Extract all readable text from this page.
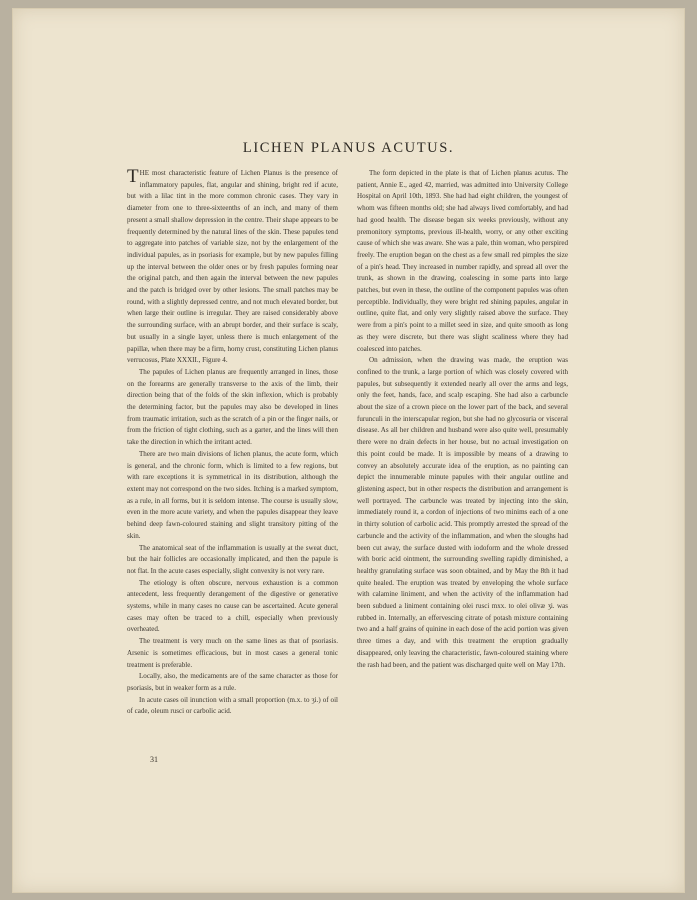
LICHEN PLANUS ACUTUS.

THE most characteristic feature of Lichen Planus is the presence of inflammatory papules, flat, angular and shining, bright red if acute, but with a lilac tint in the more common chronic cases. They vary in diameter from one to three-sixteenths of an inch, and many of them present a small shallow depression in the centre. Their shape appears to be frequently determined by the natural lines of the skin. These papules tend to aggregate into patches of variable size, not by the enlargement of the individual papules, as in psoriasis for example, but by new papules filling up the interval between the older ones or by fresh papules forming near the original patch, and then again the interval between the new papules and the patch is bridged over by other lesions. The small patches may be round, with a slightly depressed centre, and not much elevated border, but when large their outline is irregular. They are raised considerably above the surrounding surface, with an abrupt border, and their surface is scaly, but usually in a single layer, unless there is much enlargement of the papillæ, when there may be a firm, horny crust, constituting Lichen planus verrucosus, Plate XXXII., Figure 4.

The papules of Lichen planus are frequently arranged in lines, those on the forearms are generally transverse to the axis of the limb, their direction being that of the folds of the skin inflexion, which is probably the determining factor, but the papules may also be developed in lines from traumatic irritation, such as the scratch of a pin or the finger nails, or from the friction of tight clothing, such as a garter, and the lines will then take the direction in which the irritant acted.

There are two main divisions of lichen planus, the acute form, which is general, and the chronic form, which is limited to a few regions, but with rare exceptions it is symmetrical in its distribution, although the extent may not correspond on the two sides. Itching is a marked symptom, as a rule, in all forms, but it is seldom intense. The course is usually slow, even in the more acute variety, and when the papules disappear they leave behind deep fawn-coloured staining and slight transitory pitting of the skin.

The anatomical seat of the inflammation is usually at the sweat duct, but the hair follicles are occasionally implicated, and then the papule is not flat. In the acute cases especially, slight convexity is not very rare.

The etiology is often obscure, nervous exhaustion is a common antecedent, less frequently derangement of the digestive or generative systems, while in many cases no cause can be ascertained. Acute general cases may often be traced to a chill, especially when previously overheated.

The treatment is very much on the same lines as that of psoriasis. Arsenic is sometimes efficacious, but in most cases a general tonic treatment is preferable.

Locally, also, the medicaments are of the same character as those for psoriasis, but in weaker form as a rule.

In acute cases oil inunction with a small proportion (m.x. to ʒi.) of oil of cade, oleum rusci or carbolic acid.

31

The form depicted in the plate is that of Lichen planus acutus. The patient, Annie E., aged 42, married, was admitted into University College Hospital on April 10th, 1893. She had had eight children, the youngest of whom was fifteen months old; she had always lived comfortably, and had had good health. The disease began six weeks previously, without any premonitory symptoms, previous ill-health, worry, or any other exciting cause of which she was aware. She was a pale, thin woman, who perspired freely. The eruption began on the chest as a few small red pimples the size of a pin's head. They increased in number rapidly, and spread all over the trunk, as shown in the drawing, coalescing in some parts into large patches, but even in these, the outline of the component papules was often perceptible. Individually, they were bright red shining papules, angular in outline, quite flat, and only very slightly raised above the surface. They were from a pin's point to a millet seed in size, and quite smooth as long as they were discrete, but there was slight scaliness where they had coalesced into patches.

On admission, when the drawing was made, the eruption was confined to the trunk, a large portion of which was closely covered with papules, but subsequently it extended nearly all over the arms and legs, only the feet, hands, face, and scalp escaping. She had also a carbuncle about the size of a crown piece on the lower part of the back, and several furunculi in the interscapular region, but she had no glycosuria or visceral disease. As all her children and husband were also quite well, presumably there were no drain defects in her house, but no actual investigation on this point could be made. It is impossible by means of a drawing to convey an absolutely accurate idea of the eruption, as no painting can depict the innumerable minute papules with their angular outline and glistening aspect, but in other respects the distribution and arrangement is well portrayed. The carbuncle was treated by injecting into the skin, immediately round it, a cordon of injections of two minims each of a one in thirty solution of carbolic acid. This promptly arrested the spread of the carbuncle and the activity of the inflammation, and when the sloughs had been cut away, the surface dusted with iodoform and the whole dressed with boric acid ointment, the surrounding swelling rapidly diminished, a healthy granulating surface was soon obtained, and by May the 8th it had quite healed. The eruption was treated by enveloping the whole surface with calamine liniment, and when the activity of the inflammation had been subdued a liniment containing olei rusci mxx. to olei olivæ ʒi. was rubbed in. Internally, an effervescing citrate of potash mixture containing two and a half grains of quinine in each dose of the acid portion was given three times a day, and with this treatment the eruption gradually disappeared, only leaving the characteristic, fawn-coloured staining where the rash had been, and the patient was discharged quite well on May 17th.
